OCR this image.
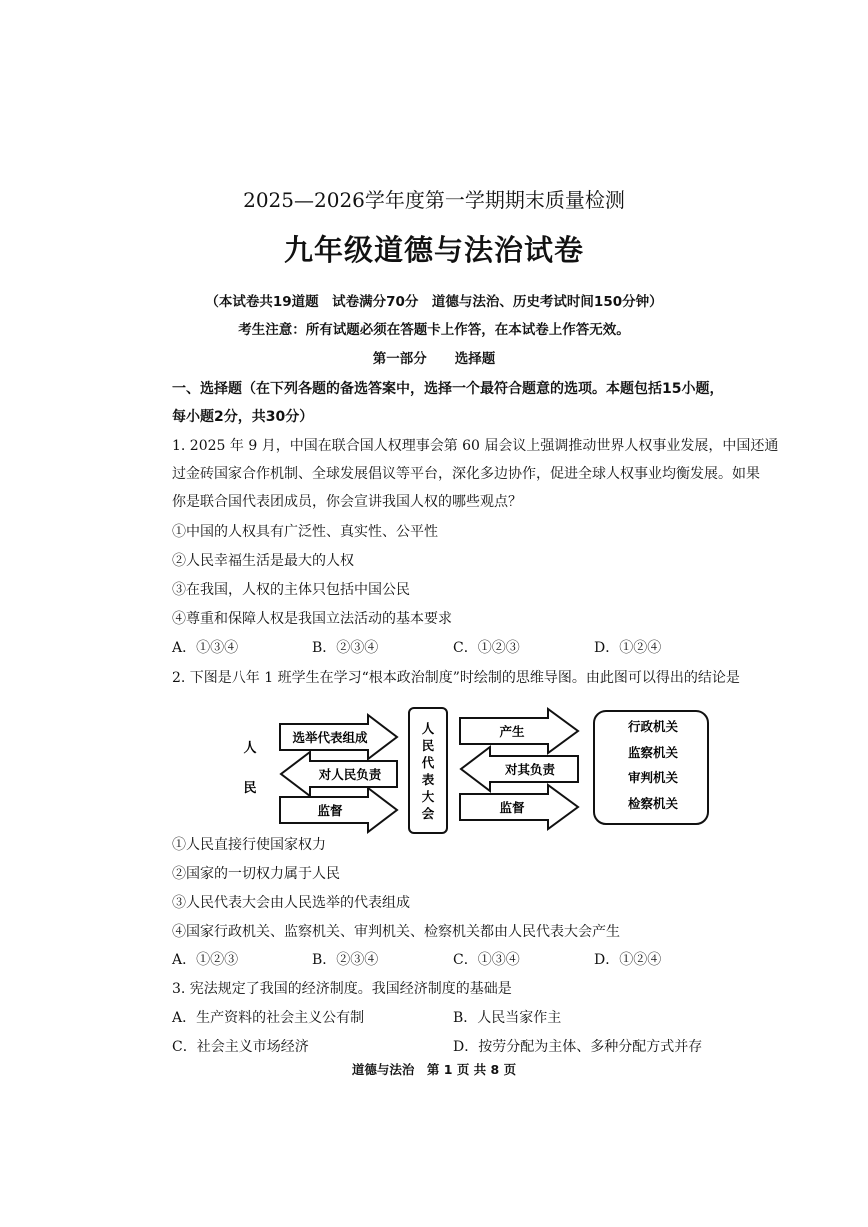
2025—2026学年度第一学期期末质量检测
九年级道德与法治试卷
（本试卷共19道题　试卷满分70分　道德与法治、历史考试时间150分钟）
考生注意：所有试题必须在答题卡上作答，在本试卷上作答无效。
第一部分 选择题
一、选择题（在下列各题的备选答案中，选择一个最符合题意的选项。本题包括15小题，
每小题2分，共30分）
1. 2025 年 9 月，中国在联合国人权理事会第 60 届会议上强调推动世界人权事业发展，中国还通
过金砖国家合作机制、全球发展倡议等平台，深化多边协作，促进全球人权事业均衡发展。如果
你是联合国代表团成员，你会宣讲我国人权的哪些观点？
①中国的人权具有广泛性、真实性、公平性
②人民幸福生活是最大的人权
③在我国，人权的主体只包括中国公民
④尊重和保障人权是我国立法活动的基本要求
A．①③④	B．②③④	C．①②③	D．①②④
2. 下图是八年 1 班学生在学习“根本政治制度”时绘制的思维导图。由此图可以得出的结论是
人
民
选举代表组成
对人民负责
监督
人
民
代
表
大
会
产生
对其负责
监督
行政机关
监察机关
审判机关
检察机关
①人民直接行使国家权力
②国家的一切权力属于人民
③人民代表大会由人民选举的代表组成
④国家行政机关、监察机关、审判机关、检察机关都由人民代表大会产生
A．①②③	B．②③④	C．①③④	D．①②④
3. 宪法规定了我国的经济制度。我国经济制度的基础是
A．生产资料的社会主义公有制	B．人民当家作主
C．社会主义市场经济	D．按劳分配为主体、多种分配方式并存
道德与法治　第 1 页 共 8 页
